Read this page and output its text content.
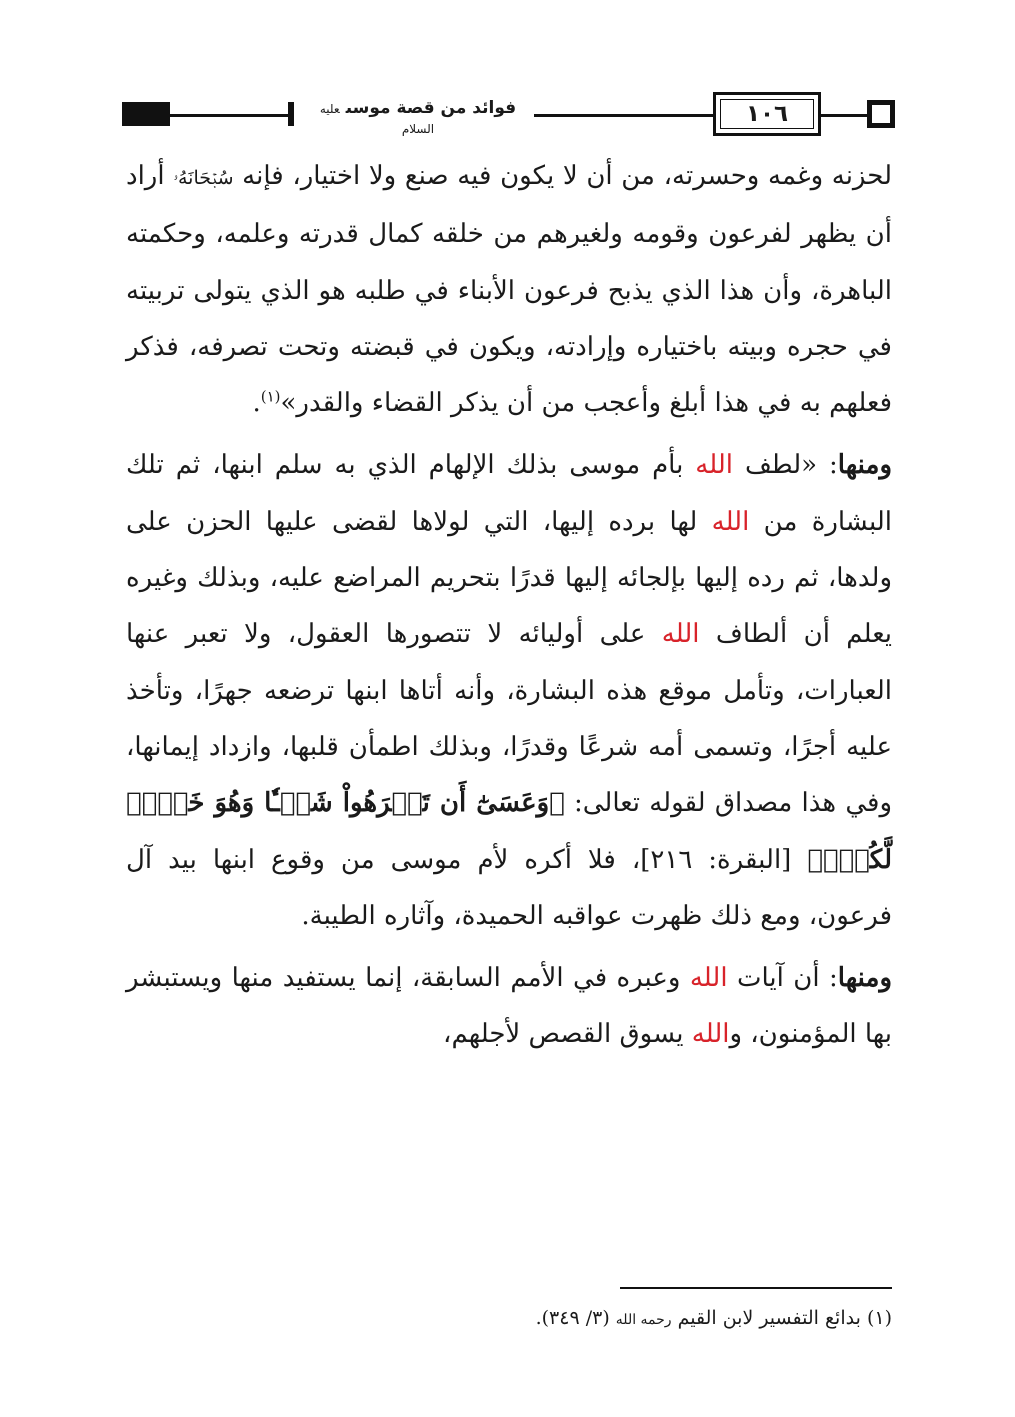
١٠٦
فوائد من قصة موسىعليه السلام

لحزنه وغمه وحسرته، من أن لا يكون فيه صنع ولا اختيار، فإنه سُبۡحَانَهُۥ أراد أن يظهر لفرعون وقومه ولغيرهم من خلقه كمال قدرته وعلمه، وحكمته الباهرة، وأن هذا الذي يذبح فرعون الأبناء في طلبه هو الذي يتولى تربيته في حجره وبيته باختياره وإرادته، ويكون في قبضته وتحت تصرفه، فذكر فعلهم به في هذا أبلغ وأعجب من أن يذكر القضاء والقدر»$^{(١)}$.

ومنها: «لطف الله بأم موسى بذلك الإلهام الذي به سلم ابنها، ثم تلك البشارة من الله لها برده إليها، التي لولاها لقضى عليها الحزن على ولدها، ثم رده إليها بإلجائه إليها قدرًا بتحريم المراضع عليه، وبذلك وغيره يعلم أن ألطاف الله على أوليائه لا تتصورها العقول، ولا تعبر عنها العبارات، وتأمل موقع هذه البشارة، وأنه أتاها ابنها ترضعه جهرًا، وتأخذ عليه أجرًا، وتسمى أمه شرعًا وقدرًا، وبذلك اطمأن قلبها، وازداد إيمانها، وفي هذا مصداق لقوله تعالى: ﴿وَعَسَىٰٓ أَن تَكۡرَهُواْ شَيۡـٔٗا وَهُوَ خَيۡرٞ لَّكُمۡۖ﴾ [البقرة: ٢١٦]، فلا أكره لأم موسى من وقوع ابنها بيد آل فرعون، ومع ذلك ظهرت عواقبه الحميدة، وآثاره الطيبة.

ومنها: أن آيات الله وعبره في الأمم السابقة، إنما يستفيد منها ويستبشر بها المؤمنون، والله يسوق القصص لأجلهم،

(١) بدائع التفسير لابن القيم رحمه الله (٣/ ٣٤٩).
